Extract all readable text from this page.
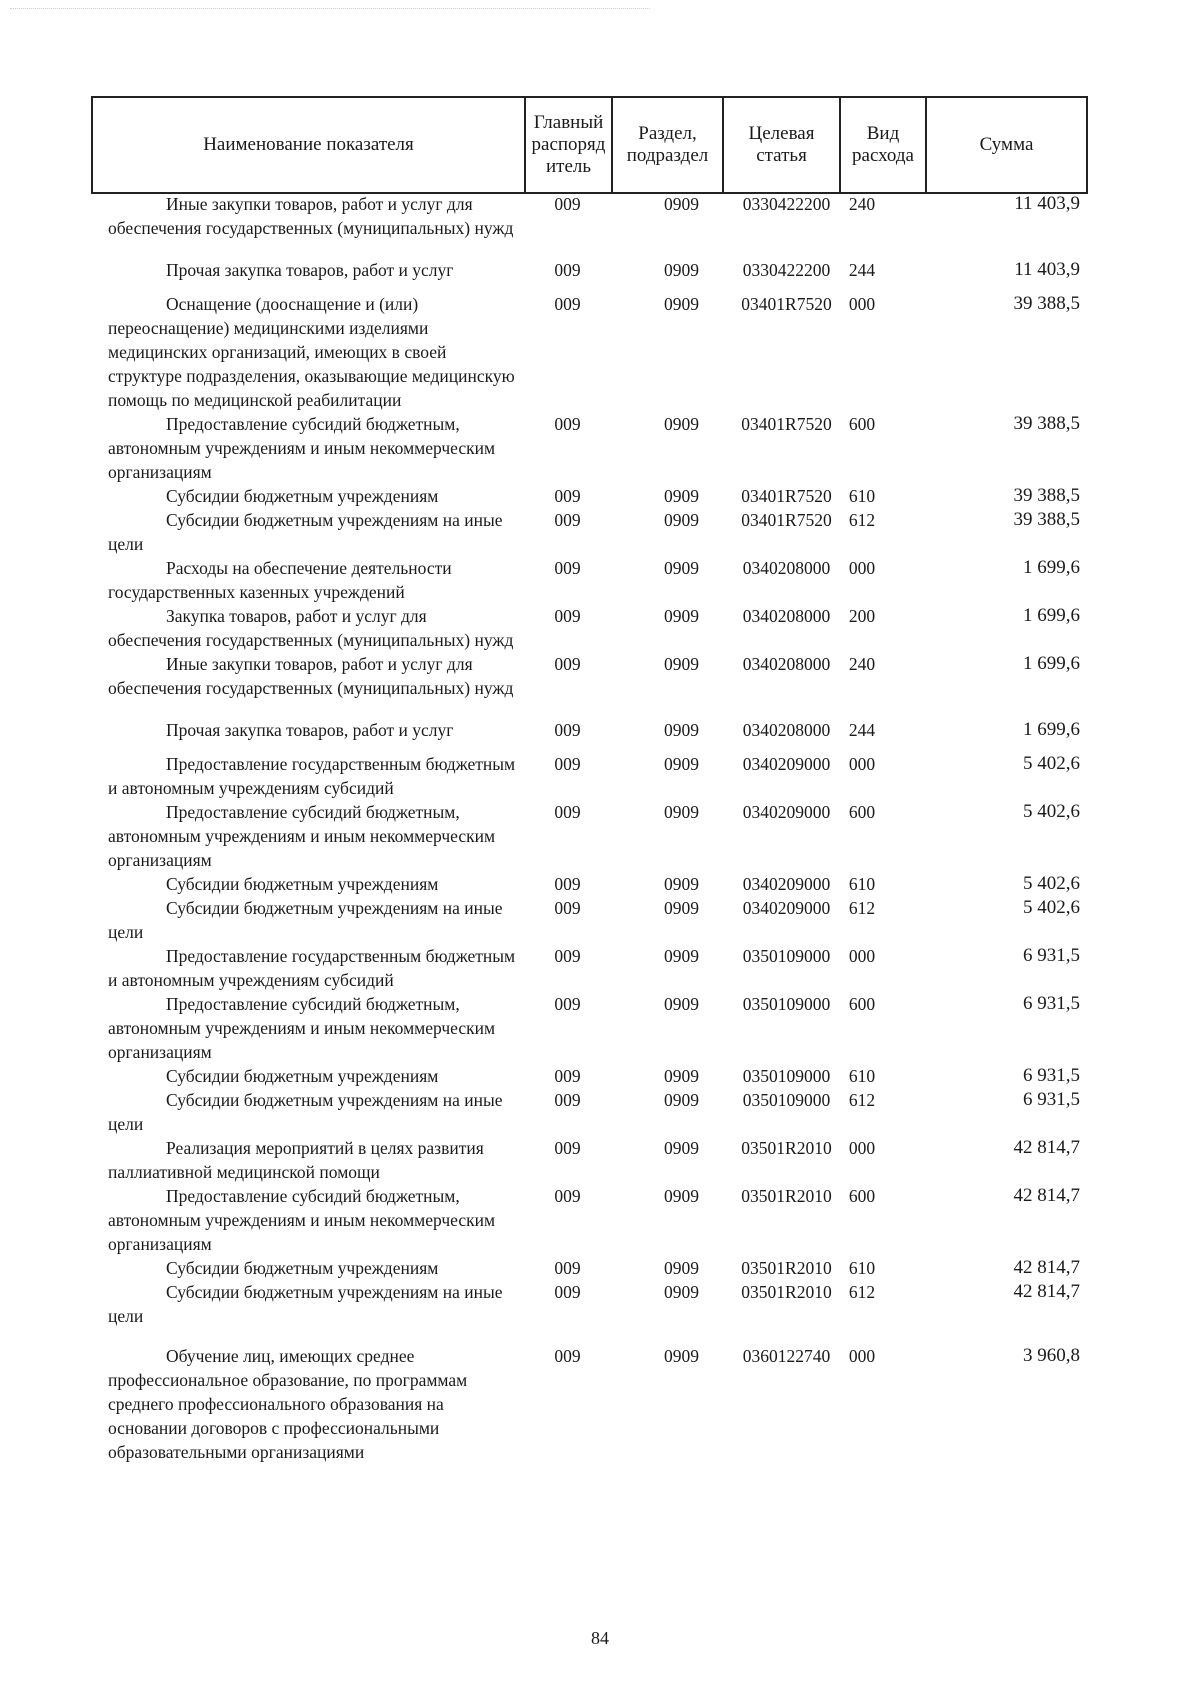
Наименование показателя	Главный распоряд итель	Раздел, подраздел	Целевая статья	Вид расхода	Сумма
Иные закупки товаров, работ и услуг для обеспечения государственных (муниципальных) нужд	009	0909	0330422200	240	11 403,9
Прочая закупка товаров, работ и услуг	009	0909	0330422200	244	11 403,9
Оснащение (дооснащение и (или) переоснащение) медицинскими изделиями медицинских организаций, имеющих в своей структуре подразделения, оказывающие медицинскую помощь по медицинской реабилитации	009	0909	03401R7520	000	39 388,5
Предоставление субсидий бюджетным, автономным учреждениям и иным некоммерческим организациям	009	0909	03401R7520	600	39 388,5
Субсидии бюджетным учреждениям	009	0909	03401R7520	610	39 388,5
Субсидии бюджетным учреждениям на иные цели	009	0909	03401R7520	612	39 388,5
Расходы на обеспечение деятельности государственных казенных учреждений	009	0909	0340208000	000	1 699,6
Закупка товаров, работ и услуг для обеспечения государственных (муниципальных) нужд	009	0909	0340208000	200	1 699,6
Иные закупки товаров, работ и услуг для обеспечения государственных (муниципальных) нужд	009	0909	0340208000	240	1 699,6
Прочая закупка товаров, работ и услуг	009	0909	0340208000	244	1 699,6
Предоставление государственным бюджетным и автономным учреждениям субсидий	009	0909	0340209000	000	5 402,6
Предоставление субсидий бюджетным, автономным учреждениям и иным некоммерческим организациям	009	0909	0340209000	600	5 402,6
Субсидии бюджетным учреждениям	009	0909	0340209000	610	5 402,6
Субсидии бюджетным учреждениям на иные цели	009	0909	0340209000	612	5 402,6
Предоставление государственным бюджетным и автономным учреждениям субсидий	009	0909	0350109000	000	6 931,5
Предоставление субсидий бюджетным, автономным учреждениям и иным некоммерческим организациям	009	0909	0350109000	600	6 931,5
Субсидии бюджетным учреждениям	009	0909	0350109000	610	6 931,5
Субсидии бюджетным учреждениям на иные цели	009	0909	0350109000	612	6 931,5
Реализация мероприятий в целях развития паллиативной медицинской помощи	009	0909	03501R2010	000	42 814,7
Предоставление субсидий бюджетным, автономным учреждениям и иным некоммерческим организациям	009	0909	03501R2010	600	42 814,7
Субсидии бюджетным учреждениям	009	0909	03501R2010	610	42 814,7
Субсидии бюджетным учреждениям на иные цели	009	0909	03501R2010	612	42 814,7
Обучение лиц, имеющих среднее профессиональное образование, по программам среднего профессионального образования на основании договоров с профессиональными образовательными организациями	009	0909	0360122740	000	3 960,8
84
